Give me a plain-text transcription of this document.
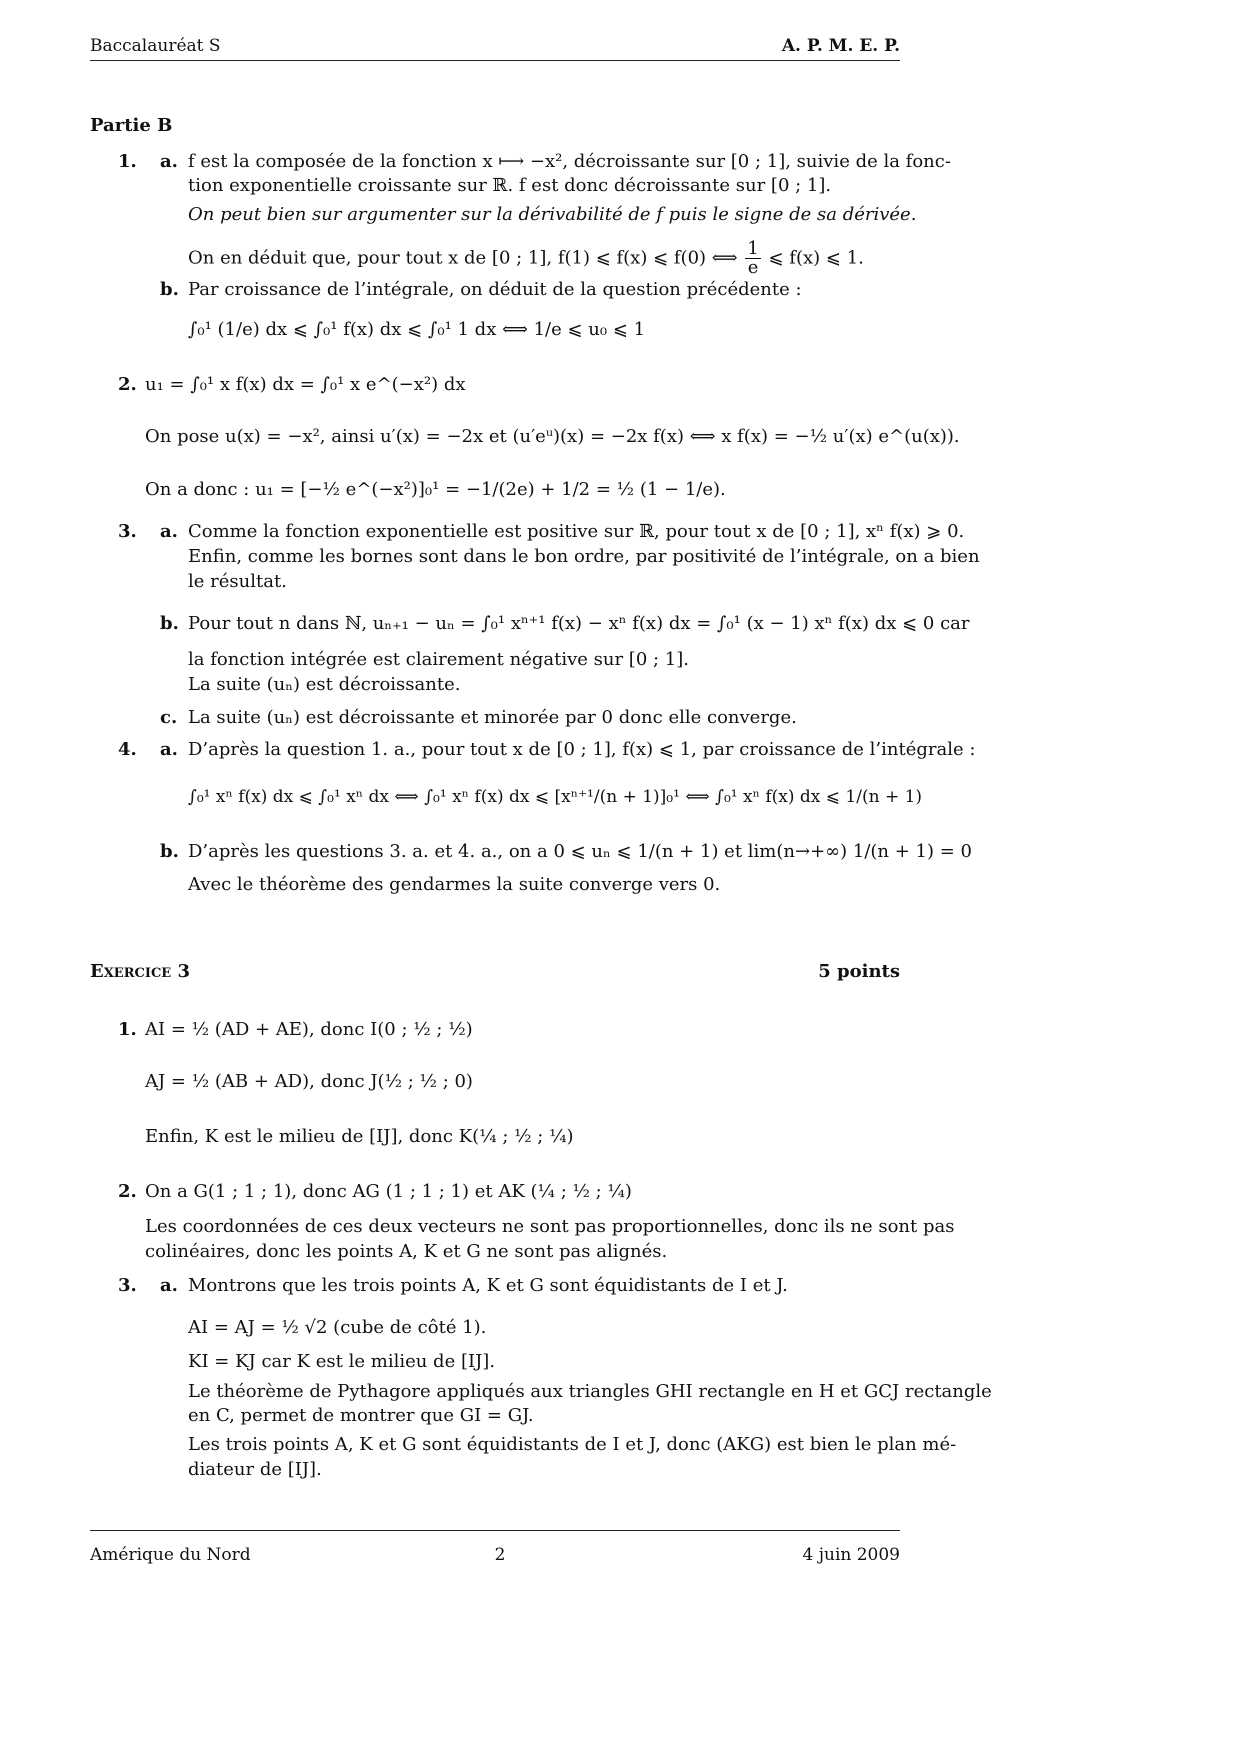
Baccalauréat S	A. P. M. E. P.
Partie B
1. a. f est la composée de la fonction x ⟼ −x², décroissante sur [0 ; 1], suivie de la fonc-
tion exponentielle croissante sur ℝ. f est donc décroissante sur [0 ; 1].
On peut bien sur argumenter sur la dérivabilité de f puis le signe de sa dérivée.
On en déduit que, pour tout x de [0 ; 1], f(1) ⩽ f(x) ⩽ f(0) ⟺ $\frac{1}{e}$ ⩽ f(x) ⩽ 1.
b. Par croissance de l’intégrale, on déduit de la question précédente :
∫₀¹ (1/e) dx ⩽ ∫₀¹ f(x) dx ⩽ ∫₀¹ 1 dx ⟺ 1/e ⩽ u₀ ⩽ 1
2. u₁ = ∫₀¹ x f(x) dx = ∫₀¹ x e^(−x²) dx
On pose u(x) = −x², ainsi u′(x) = −2x et (u′eᵘ)(x) = −2x f(x) ⟺ x f(x) = −½ u′(x) e^(u(x)).
On a donc : u₁ = [−½ e^(−x²)]₀¹ = −1/(2e) + 1/2 = ½ (1 − 1/e).
3. a. Comme la fonction exponentielle est positive sur ℝ, pour tout x de [0 ; 1], xⁿ f(x) ⩾ 0.
Enfin, comme les bornes sont dans le bon ordre, par positivité de l’intégrale, on a bien
le résultat.
b. Pour tout n dans ℕ, uₙ₊₁ − uₙ = ∫₀¹ xⁿ⁺¹ f(x) − xⁿ f(x) dx = ∫₀¹ (x − 1) xⁿ f(x) dx ⩽ 0 car
la fonction intégrée est clairement négative sur [0 ; 1].
La suite (uₙ) est décroissante.
c. La suite (uₙ) est décroissante et minorée par 0 donc elle converge.
4. a. D’après la question 1. a., pour tout x de [0 ; 1], f(x) ⩽ 1, par croissance de l’intégrale :
∫₀¹ xⁿ f(x) dx ⩽ ∫₀¹ xⁿ dx ⟺ ∫₀¹ xⁿ f(x) dx ⩽ [xⁿ⁺¹/(n + 1)]₀¹ ⟺ ∫₀¹ xⁿ f(x) dx ⩽ 1/(n + 1)
b. D’après les questions 3. a. et 4. a., on a 0 ⩽ uₙ ⩽ 1/(n + 1) et lim(n→+∞) 1/(n + 1) = 0
Avec le théorème des gendarmes la suite converge vers 0.
Exercice 3	5 points
1. AI = ½ (AD + AE), donc I(0 ; ½ ; ½)
AJ = ½ (AB + AD), donc J(½ ; ½ ; 0)
Enfin, K est le milieu de [IJ], donc K(¼ ; ½ ; ¼)
2. On a G(1 ; 1 ; 1), donc AG (1 ; 1 ; 1) et AK (¼ ; ½ ; ¼)
Les coordonnées de ces deux vecteurs ne sont pas proportionnelles, donc ils ne sont pas
colinéaires, donc les points A, K et G ne sont pas alignés.
3. a. Montrons que les trois points A, K et G sont équidistants de I et J.
AI = AJ = ½ √2 (cube de côté 1).
KI = KJ car K est le milieu de [IJ].
Le théorème de Pythagore appliqués aux triangles GHI rectangle en H et GCJ rectangle
en C, permet de montrer que GI = GJ.
Les trois points A, K et G sont équidistants de I et J, donc (AKG) est bien le plan mé-
diateur de [IJ].
Amérique du Nord	2	4 juin 2009
